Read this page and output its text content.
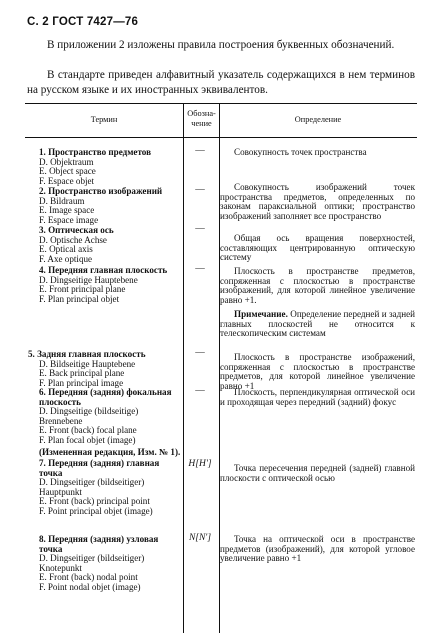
С. 2 ГОСТ 7427—76

В приложении 2 изложены правила построения буквенных обозначений.

В стандарте приведен алфавитный указатель содержащихся в нем терминов на русском языке и их иностранных эквивалентов.

Термин
Обозна-чение	Определение
1. Пространство предметов
D. Objektraum
E. Object space
F. Espace objet
—	Совокупность точек пространства
2. Пространство изображений
D. Bildraum
E. Image space
F. Espace image
—	Совокупность изображений точек пространства предметов, определенных по законам параксиальной оптики; пространство изображений заполняет все пространство
3. Оптическая ось
D. Optische Achse
E. Optical axis
F. Axe optique
—
Общая ось вращения поверхностей, составляющих центрированную оптическую систему
4. Передняя главная плоскость
D. Dingseitige Hauptebene
E. Front principal plane
F. Plan principal objet
—	Плоскость в пространстве предметов, сопряженная с плоскостью в пространстве изображений, для которой линейное увеличение равно +1.
Примечание. Определение передней и задней главных плоскостей не относится к телескопическим системам
5. Задняя главная плоскость
D. Bildseitige Hauptebene
E. Back principal plane
F. Plan principal image
—	Плоскость в пространстве изображений, сопряженная с плоскостью в пространстве предметов, для которой линейное увеличение равно +1
6. Передняя (задняя) фокальная плоскость
D. Dingseitige (bildseitige) Brennebene
E. Front (back) focal plane
F. Plan focal objet (image)
—	Плоскость, перпендикулярная оптической оси и проходящая через передний (задний) фокус
(Измененная редакция, Изм. № 1).
7. Передняя (задняя) главная точка
D. Dingseitiger (bildseitiger) Hauptpunkt
E. Front (back) principal point
F. Point principal objet (image)
H[H']	Точка пересечения передней (задней) главной плоскости с оптической осью
8. Передняя (задняя) узловая точка
D. Dingseitiger (bildseitiger) Knotepunkt
E. Front (back) nodal point
F. Point nodal objet (image)
N[N']	Точка на оптической оси в пространстве предметов (изображений), для которой угловое увеличение равно +1
